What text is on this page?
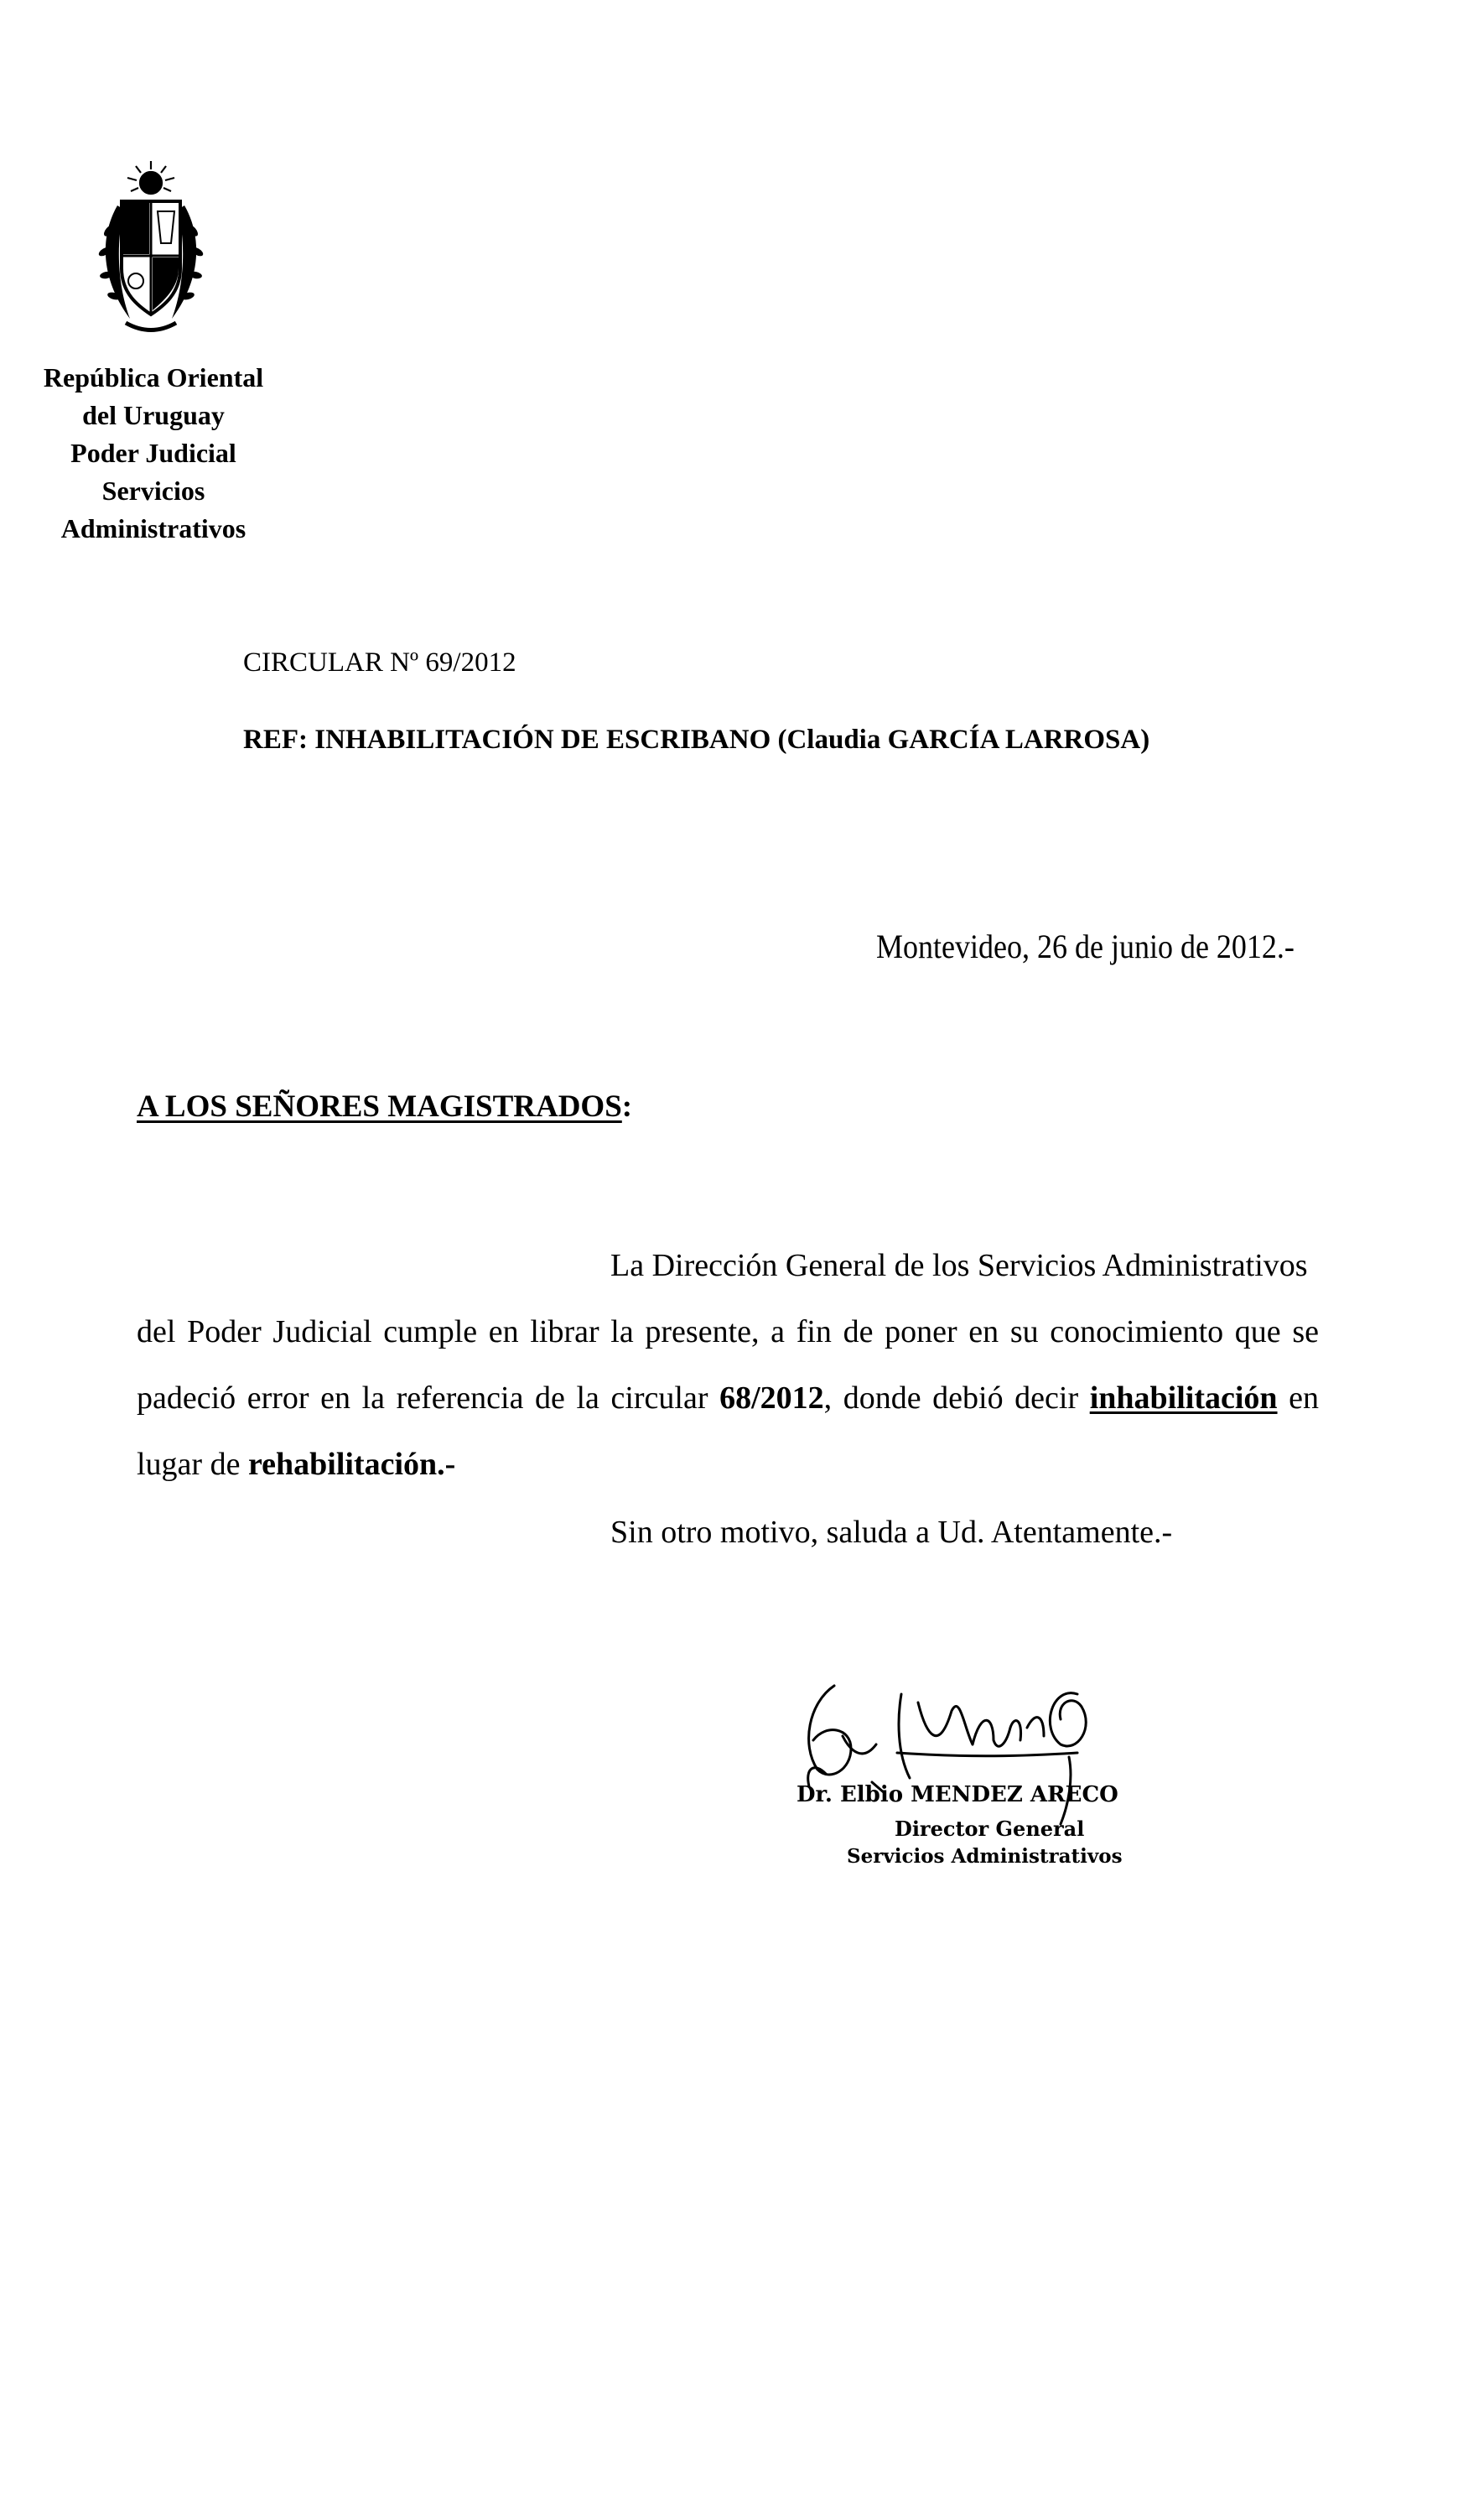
República Oriental
del Uruguay
Poder Judicial
Servicios
Administrativos
CIRCULAR Nº 69/2012
REF: INHABILITACIÓN DE ESCRIBANO (Claudia GARCÍA LARROSA)
Montevideo, 26 de junio de 2012.-
A LOS SEÑORES MAGISTRADOS:
La Dirección General de los Servicios Administrativos
del Poder Judicial cumple en librar la presente, a fin de poner en su conocimiento que se
padeció error en la referencia de la circular 68/2012, donde debió decir inhabilitación en
lugar de rehabilitación.-
Sin otro motivo, saluda a Ud. Atentamente.-
Dr. Elbio MENDEZ ARECO
Director General
Servicios Administrativos
